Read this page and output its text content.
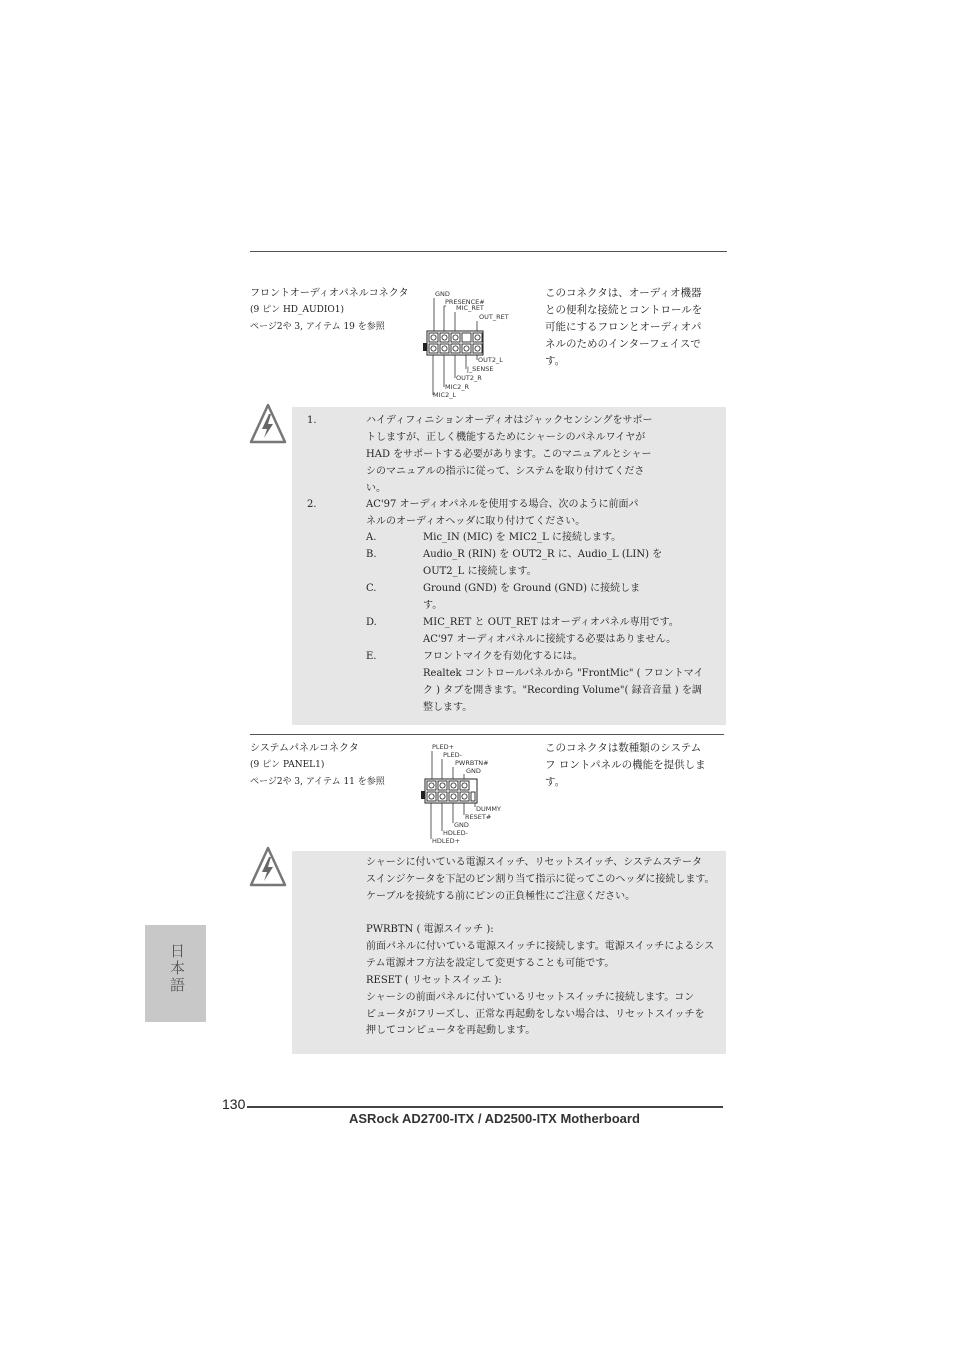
フロントオーディオパネルコネクタ
(9 ピン HD_AUDIO1)
ページ2や 3, アイテム 19 を参照
GND
PRESENCE#
MIC_RET
OUT_RET
OUT2_L
J_SENSE
OUT2_R
MIC2_R
MIC2_L
このコネクタは、オーディオ機器
との便利な接続とコントロールを
可能にするフロンとオーディオパ
ネルのためのインターフェイスで
す。
1.	ハイディフィニションオーディオはジャックセンシングをサポー
トしますが、正しく機能するためにシャーシのパネルワイヤが
HAD をサポートする必要があります。このマニュアルとシャー
シのマニュアルの指示に従って、システムを取り付けてくださ
い。
2.	AC'97 オーディオパネルを使用する場合、次のように前面パ
ネルのオーディオヘッダに取り付けてください。
A.	Mic_IN (MIC) を MIC2_L に接続します。
B.	Audio_R (RIN) を OUT2_R に、Audio_L (LIN) を
OUT2_L に接続します。
C.	Ground (GND) を Ground (GND) に接続しま
す。
D.	MIC_RET と OUT_RET はオーディオパネル専用です。
AC'97 オーディオパネルに接続する必要はありません。
E.	フロントマイクを有効化するには。
Realtek コントロールパネルから "FrontMic" ( フロントマイ
ク ) タブを開きます。"Recording Volume"( 録音音量 ) を調
整します。
システムパネルコネクタ
(9 ピン PANEL1)
ページ2や 3, アイテム 11 を参照
PLED+
PLED-
PWRBTN#
GND
DUMMY
RESET#
GND
HDLED-
HDLED+
このコネクタは数種類のシステム
フ ロントパネルの機能を提供しま
す。
シャーシに付いている電源スイッチ、リセットスイッチ、システムステータ
スインジケータを下記のピン割り当て指示に従ってこのヘッダに接続します。
ケーブルを接続する前にピンの正負極性にご注意ください。
PWRBTN ( 電源スイッチ ):
前面パネルに付いている電源スイッチに接続します。電源スイッチによるシス
テム電源オフ方法を設定して変更することも可能です。
RESET ( リセットスイッエ ):
シャーシの前面パネルに付いているリセットスイッチに接続します。コン
ピュータがフリーズし、正常な再起動をしない場合は、リセットスイッチを
押してコンピュータを再起動します。
日本語
130
ASRock AD2700-ITX / AD2500-ITX Motherboard
